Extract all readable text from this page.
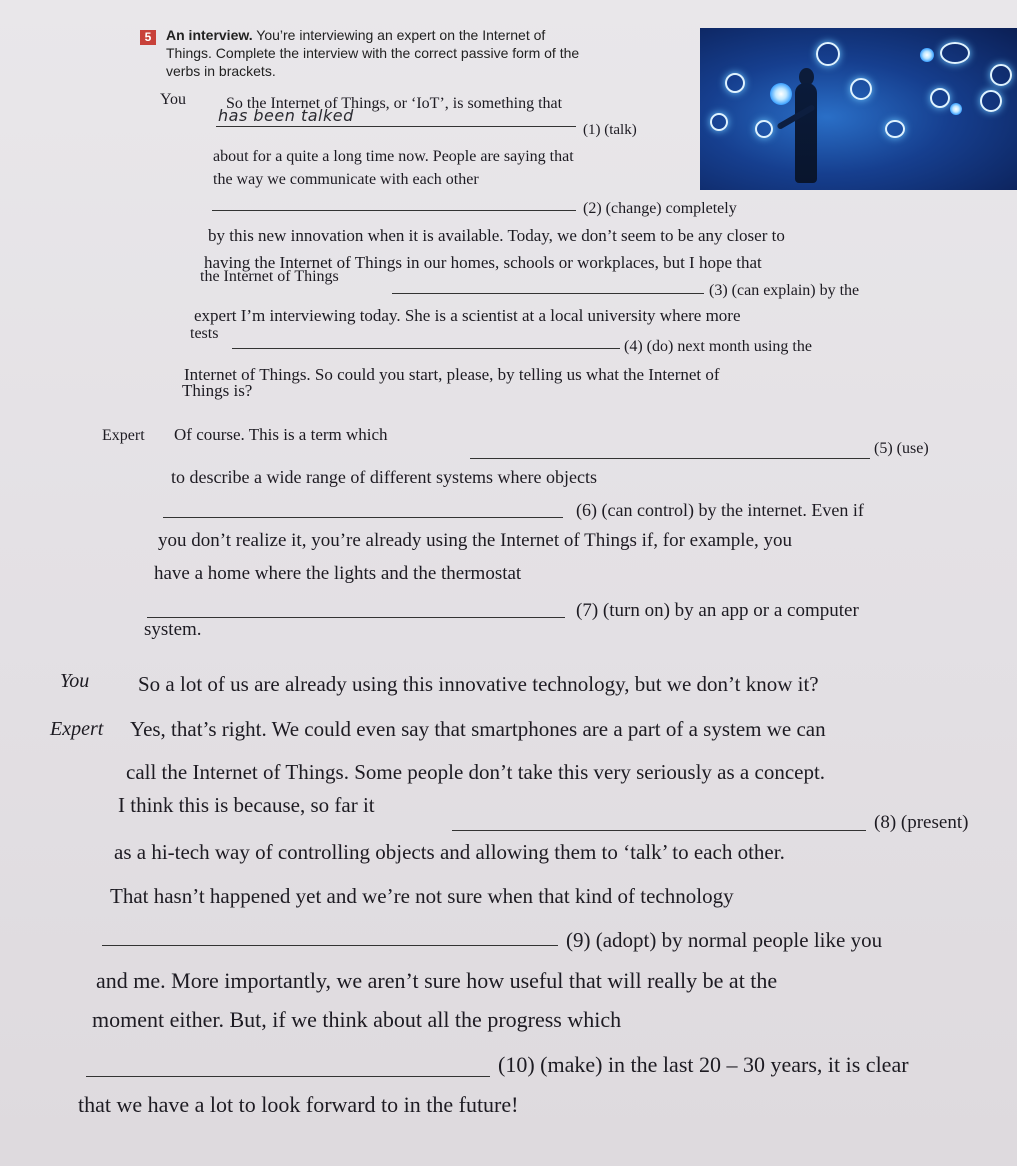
5	An interview. You’re interviewing an expert on the Internet of
Things. Complete the interview with the correct passive form of the
verbs in brackets.
You	So the Internet of Things, or ‘IoT’, is something that
has been talked
(1) (talk)
about for a quite a long time now. People are saying that
the way we communicate with each other
(2) (change) completely
by this new innovation when it is available. Today, we don’t seem to be any closer to
having the Internet of Things in our homes, schools or workplaces, but I hope that
the Internet of Things
(3) (can explain) by the
expert I’m interviewing today. She is a scientist at a local university where more
tests
(4) (do) next month using the
Internet of Things. So could you start, please, by telling us what the Internet of
Things is?
Expert Of course. This is a term which
(5) (use)
to describe a wide range of different systems where objects
(6) (can control) by the internet. Even if
you don’t realize it, you’re already using the Internet of Things if, for example, you
have a home where the lights and the thermostat
(7) (turn on) by an app or a computer
system.
You So a lot of us are already using this innovative technology, but we don’t know it?
Expert Yes, that’s right. We could even say that smartphones are a part of a system we can
call the Internet of Things. Some people don’t take this very seriously as a concept.
I think this is because, so far it
(8) (present)
as a hi-tech way of controlling objects and allowing them to ‘talk’ to each other.
That hasn’t happened yet and we’re not sure when that kind of technology
(9) (adopt) by normal people like you
and me. More importantly, we aren’t sure how useful that will really be at the
moment either. But, if we think about all the progress which
(10) (make) in the last 20 – 30 years, it is clear
that we have a lot to look forward to in the future!
